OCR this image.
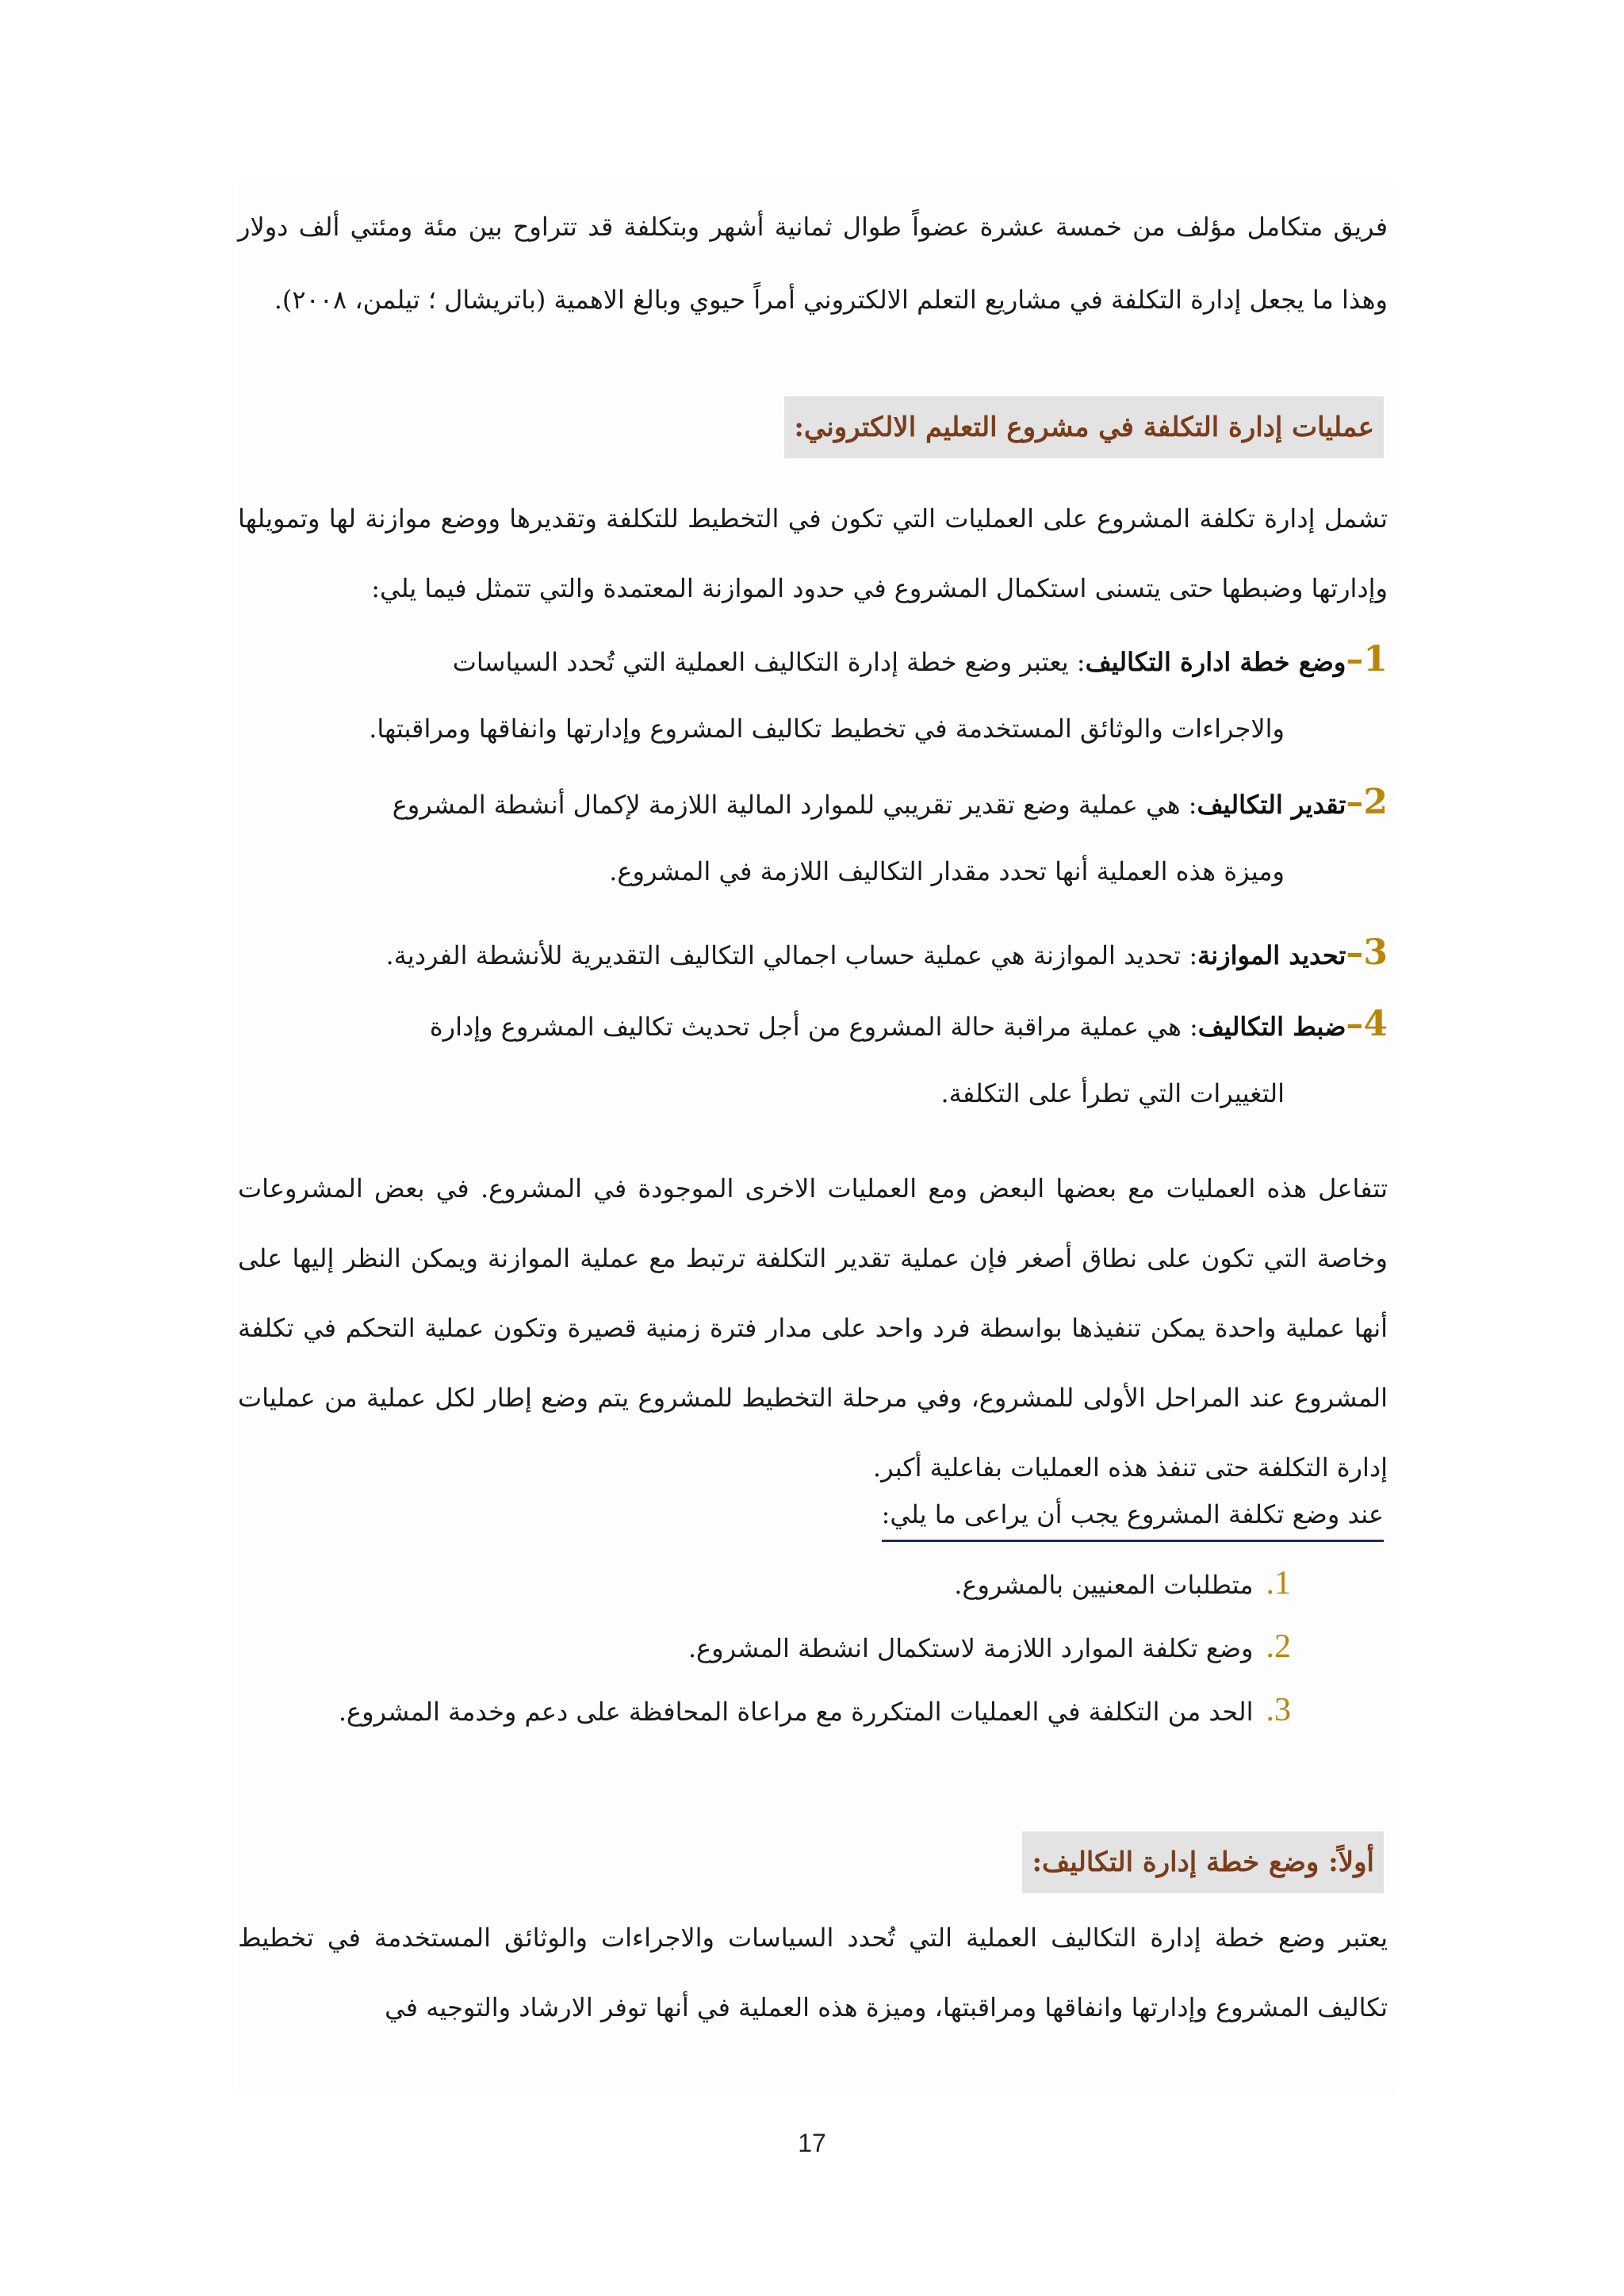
فريق متكامل مؤلف من خمسة عشرة عضواً طوال ثمانية أشهر وبتكلفة قد تتراوح بين مئة ومئتي ألف دولار وهذا ما يجعل إدارة التكلفة في مشاريع التعلم الالكتروني أمراً حيوي وبالغ الاهمية (باتريشال ؛ تيلمن، ٢٠٠٨).

عمليات إدارة التكلفة في مشروع التعليم الالكتروني:

تشمل إدارة تكلفة المشروع على العمليات التي تكون في التخطيط للتكلفة وتقديرها ووضع موازنة لها وتمويلها وإدارتها وضبطها حتى يتسنى استكمال المشروع في حدود الموازنة المعتمدة والتي تتمثل فيما يلي:

1–وضع خطة ادارة التكاليف: يعتبر وضع خطة إدارة التكاليف العملية التي تُحدد السياسات

والاجراءات والوثائق المستخدمة في تخطيط تكاليف المشروع وإدارتها وانفاقها ومراقبتها.

2–تقدير التكاليف: هي عملية وضع تقدير تقريبي للموارد المالية اللازمة لإكمال أنشطة المشروع

وميزة هذه العملية أنها تحدد مقدار التكاليف اللازمة في المشروع.

3–تحديد الموازنة: تحديد الموازنة هي عملية حساب اجمالي التكاليف التقديرية للأنشطة الفردية.

4–ضبط التكاليف: هي عملية مراقبة حالة المشروع من أجل تحديث تكاليف المشروع وإدارة

التغييرات التي تطرأ على التكلفة.

تتفاعل هذه العمليات مع بعضها البعض ومع العمليات الاخرى الموجودة في المشروع. في بعض المشروعات وخاصة التي تكون على نطاق أصغر فإن عملية تقدير التكلفة ترتبط مع عملية الموازنة ويمكن النظر إليها على أنها عملية واحدة يمكن تنفيذها بواسطة فرد واحد على مدار فترة زمنية قصيرة وتكون عملية التحكم في تكلفة المشروع عند المراحل الأولى للمشروع، وفي مرحلة التخطيط للمشروع يتم وضع إطار لكل عملية من عمليات إدارة التكلفة حتى تنفذ هذه العمليات بفاعلية أكبر.

عند وضع تكلفة المشروع يجب أن يراعى ما يلي:

1.متطلبات المعنيين بالمشروع.

2.وضع تكلفة الموارد اللازمة لاستكمال انشطة المشروع.

3.الحد من التكلفة في العمليات المتكررة مع مراعاة المحافظة على دعم وخدمة المشروع.

أولاً: وضع خطة إدارة التكاليف:

يعتبر وضع خطة إدارة التكاليف العملية التي تُحدد السياسات والاجراءات والوثائق المستخدمة في تخطيط تكاليف المشروع وإدارتها وانفاقها ومراقبتها، وميزة هذه العملية في أنها توفر الارشاد والتوجيه في

17
